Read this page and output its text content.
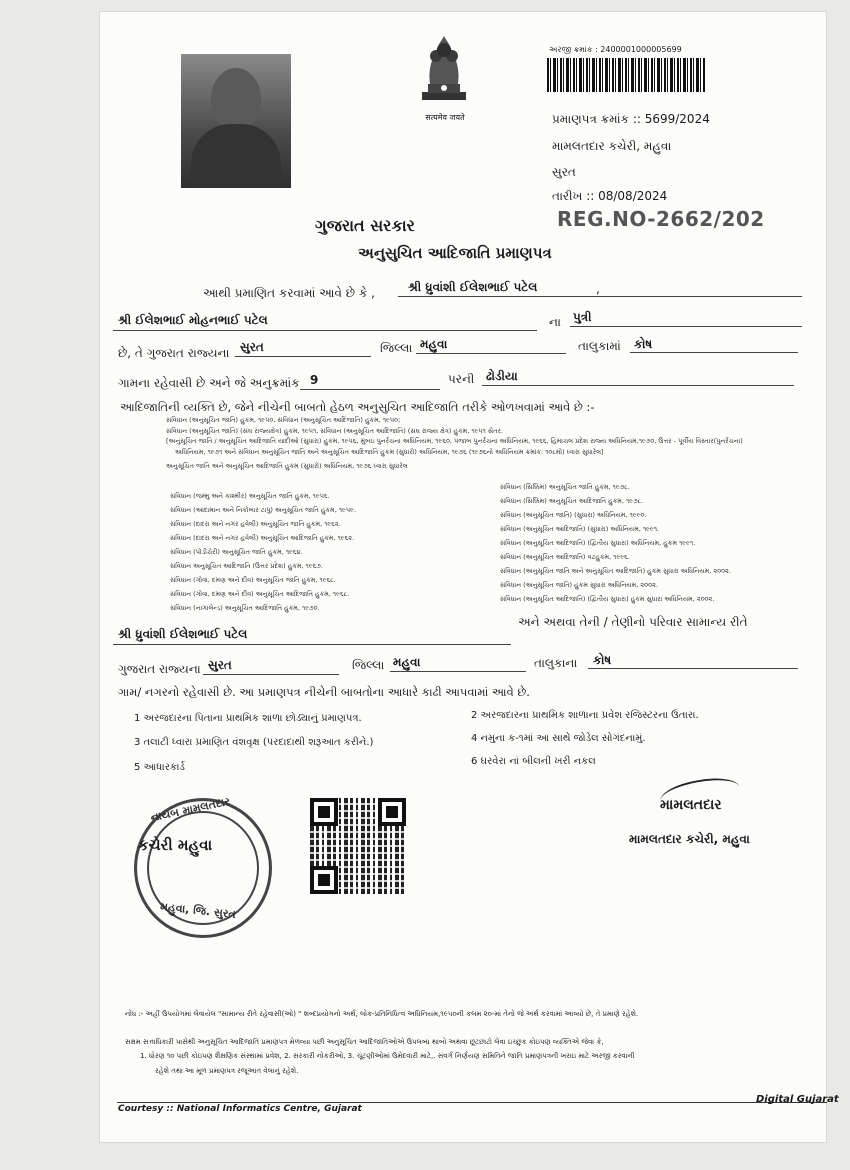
सत्यमेव जयते
અરજી ક્રમાંક : 2400001000005699
પ્રમાણપત્ર ક્રમાંક :: 5699/2024
મામલતદાર કચેરી, મહુવા
સુરત
તારીખ :: 08/08/2024
REG.NO-2662/202
ગુજરાત સરકાર
અનુસુચિત આદિજાતિ પ્રમાણપત્ર
આથી પ્રમાણિત કરવામાં આવે છે કે ,	શ્રી ધ્રુવાંશી ઈલેશભાઈ પટેલ	,
શ્રી ઈલેશભાઈ મોહનભાઈ પટેલ	ના પુત્રી
છે, તે ગુજરાત રાજ્યના સુરત	જિલ્લા મહુવા	તાલુકામાં કોષ
ગામના રહેવાસી છે અને જે અનુક્રમાંક 9	પરની ઢોડીયા
આદિજાતિની વ્યક્તિ છે, જેને નીચેની બાબતો હેઠળ અનુસુચિત આદિજાતિ તરીકે ઓળખવામાં આવે છે :-
સંવિધાન (અનુસૂચિત જાતિ) હુકમ, ૧૯૫૦, સંવિધાન (અનુસૂચિત આદિજાતિ) હુકમ, ૧૯૫૦;
સંવિધાન (અનુસૂચિત જાતિ) (સંઘ રાજ્યક્ષેત્ર) હુકમ, ૧૯૫૧, સંવિધાન (અનુસૂચિત આદિજાતિ) (સંઘ રાજ્ય ક્ષેત્ર) હુકમ, ૧૯૫૧ સેતર.
[અનુસૂચિત જાતિ / અનુસૂચિત આદિજાતિ યાદીઓ (સુધારા) હુકમ, ૧૯૫૬, મુંબઇ પુનર્રચના અધિનિયમ, ૧૯૬૦, પંજાબ પુનર્રચના અધિનિયમ, ૧૯૬૬, હિમાચલ પ્રદેશ રાજ્ય અધિનિયમ,૧૯૭૦, ઉત્તર - પૂર્વીય વિસ્તાર(પુનર્રચના)
અધિનિયમ, ૧૯૭૧ અને સંવિધાન અનુસૂચિત જાતિ અને અનુસૂચિત આદિજાતિ હુકમ (સુધારો) અધિનિયમ, ૧૯૭૬ (૧૯૭૬નો અધિનિયમ ક્રમાંક: ૧૦૮મો) ધ્વારા સુધારેલ]
અનુસૂચિત જાતિ અને અનુસૂચિત આદિજાતિ હુકમ (સુધારો) અધિનિયમ, ૧૯૭૬ ધ્વારા સુધારેલ
સંવિધાન (જમ્મુ અને કાશ્મીર) અનુસૂચિત જાતિ હુકમ, ૧૯૫૬.
સંવિધાન (આંદામાન અને નિકોબાર ટાપુ) અનુસૂચિત જાતિ હુકમ, ૧૯૫૯.
સંવિધાન (દાદરા અને નગર હવેલી) અનુસૂચિત જાતિ હુકમ, ૧૯૬૨.
સંવિધાન (દાદરા અને નગર હવેલી) અનુસૂચિત આદિજાતિ હુકમ, ૧૯૬૨.
સંવિધાન (પોંડીચેરી) અનુસૂચિત જાતિ હુકમ, ૧૯૬૪.
સંવિધાન અનુસૂચિત આદિજાતિ (ઉત્તર પ્રદેશ) હુકમ, ૧૯૬૭.
સંવિધાન (ગોવા, દમણ અને દીવ) અનુસૂચિત જાતિ હુકમ, ૧૯૬૮.
સંવિધાન (ગોવા, દમણ અને દીવ) અનુસૂચિત આદિજાતિ હુકમ, ૧૯૬૮.
સંવિધાન (નાગાલેન્ડ) અનુસૂચિત આદિજાતિ હુકમ, ૧૯૭૦.
સંવિધાન (સિક્કિમ) અનુસૂચિત જાતિ હુકમ, ૧૯૭૮.
સંવિધાન (સિક્કિમ) અનુસૂચિત આદિજાતિ હુકમ, ૧૯૭૮.
સંવિધાન (અનુસૂચિત જાતિ) (સુધારા) અધિનિયમ, ૧૯૯૦.
સંવિધાન (અનુસૂચિત આદિજાતિ) (સુધારા) અધિનિયમ, ૧૯૯૧.
સંવિધાન (અનુસૂચિત આદિજાતિ) (દ્વિતીય સુધારા) અધિનિયમ, હુકમ ૧૯૯૧.
સંવિધાન (અનુસૂચિત આદિજાતિ) વટહુકમ, ૧૯૯૬.
સંવિધાન (અનુસૂચિત જાતિ અને અનુસૂચિત આદિજાતિ) હુકમ સુધારા અધિનિયમ, ૨૦૦૨.
સંવિધાન (અનુસૂચિત જાતિ) હુકમ સુધારા અધિનિયમ, ૨૦૦૨.
સંવિધાન (અનુસૂચિત આદિજાતિ) (દ્વિતીય સુધારા) હુકમ સુધારા અધિનિયમ, ૨૦૦૨.
શ્રી ધ્રુવાંશી ઈલેશભાઈ પટેલ
અને અથવા તેની / તેણીનો પરિવાર સામાન્ય રીતે
ગુજરાત રાજ્યના સુરત	જિલ્લા મહુવા	તાલુકાના કોષ
ગામ/ નગરનો રહેવાસી છે. આ પ્રમાણપત્ર નીચેની બાબતોના આધારે કાઢી આપવામાં આવે છે.
1 અરજદારના પિતાના પ્રાથમિક શાળા છોડ્યાનું પ્રમાણપત્ર.	2 અરજદારના પ્રાથમિક શાળાના પ્રવેશ રજિસ્ટરના ઉતારા.
3 તલાટી ધ્વારા પ્રમાણિત વંશવૃક્ષ (પરદાદાથી શરૂઆત કરીને.)	4 નમુના ક-૧માં આ સાથે જોડેલ સોગંદનામું.
5 આધારકાર્ડ
6 ઘરવેરા નાં બીલની ખરી નકલ
નાયબ મામલતદાર
કચેરી મહુવા
મહુવા, જિ. સુરત
મામલતદાર
મામલતદાર કચેરી, મહુવા
નોંધ :- અહીં ઉપયોગમાં લેવાયેલ "સામાન્ય રીતે રહેવાસી(ઓ) " શબ્દપ્રયોગનો અર્થ, લોક-પ્રતિનિધિત્વ અધિનિયમ,૧૯૫૦ની કલમ ૨૦-માં તેનો જે અર્થ કરવામાં આવ્યો છે, તે પ્રમાણે રહેશે.
સક્ષમ સત્તાધિકારી પાસેથી અનુસૂચિત આદિજાતિ પ્રમાણપત્ર મેળવ્યા પછી અનુસૂચિત આદિજાતિઓએ ઉપલબ્ધ થાબો અથવા છૂટછાટો લેવા ઇચ્છુક કોઇપણ વ્યક્તિએ જેવા કે,
1. ધોરણ ૧૦ પછી કોઇપણ શૈક્ષણિક સંસ્થામાં પ્રવેશ, 2. સરકારી નોકરીઓ, 3. ચૂંટણીઓમાં ઉમેદવારી માટે,. સંવર્ગ નિર્ણયણ સમિતિને જાતિ પ્રમાણપત્રની ખરાઇ માટે અરજી કરવાની
રહેશે તથા આ મૂળ પ્રમાણપત્ર રજૂઆત વેલાનું રહેશે.
Courtesy :: National Informatics Centre, Gujarat
Digital Gujarat
